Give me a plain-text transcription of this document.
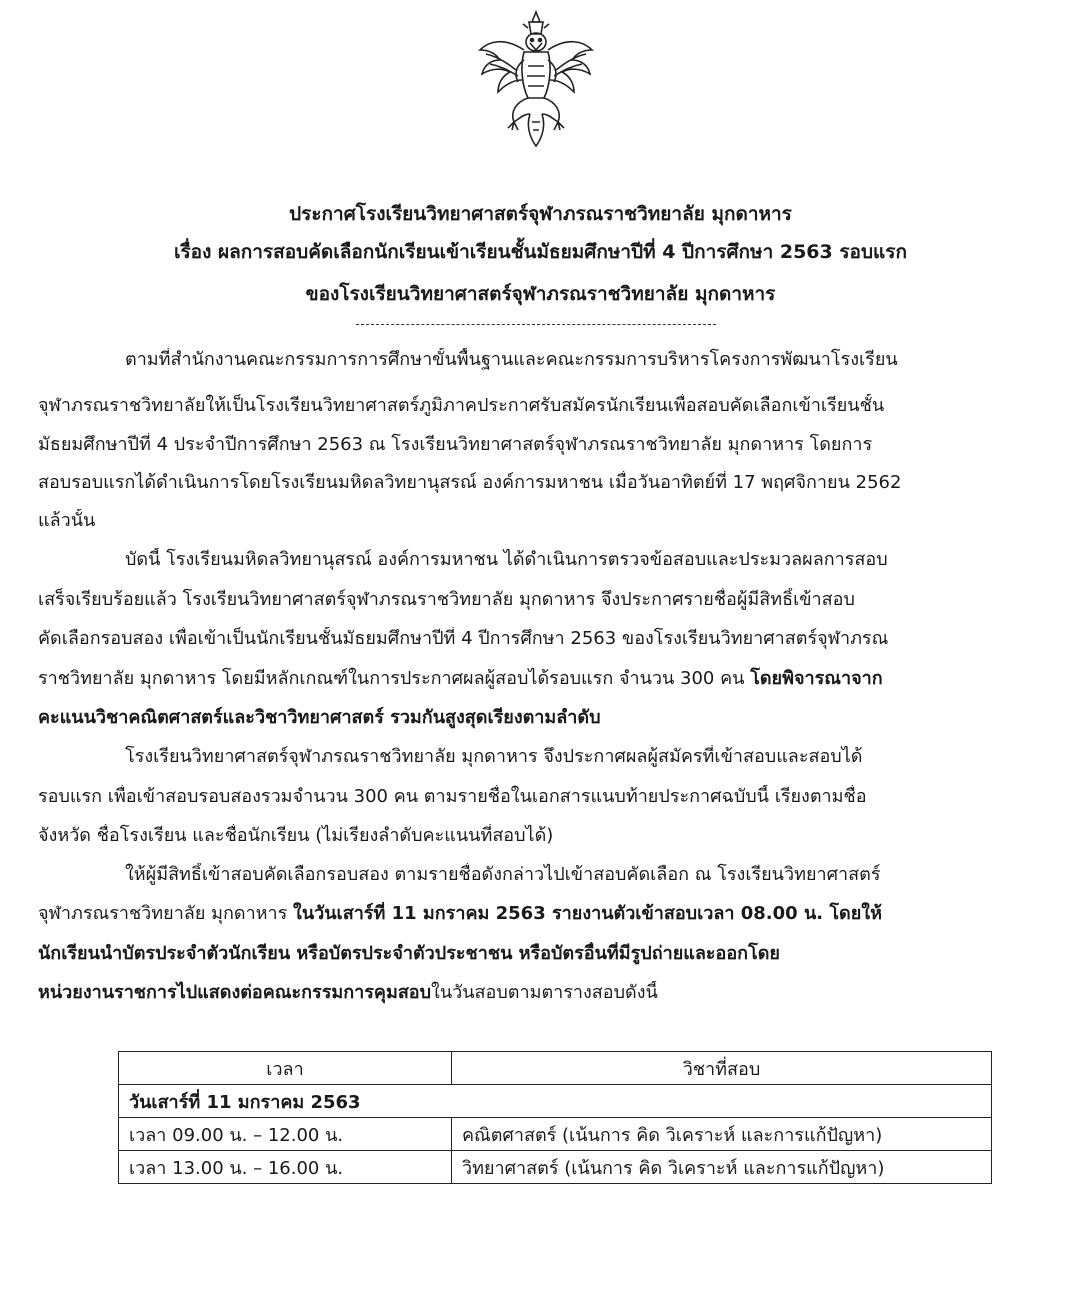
ประกาศโรงเรียนวิทยาศาสตร์จุฬาภรณราชวิทยาลัย มุกดาหาร
เรื่อง ผลการสอบคัดเลือกนักเรียนเข้าเรียนชั้นมัธยมศึกษาปีที่ 4 ปีการศึกษา 2563 รอบแรก
ของโรงเรียนวิทยาศาสตร์จุฬาภรณราชวิทยาลัย มุกดาหาร
ตามที่สำนักงานคณะกรรมการการศึกษาขั้นพื้นฐานและคณะกรรมการบริหารโครงการพัฒนาโรงเรียน
จุฬาภรณราชวิทยาลัยให้เป็นโรงเรียนวิทยาศาสตร์ภูมิภาคประกาศรับสมัครนักเรียนเพื่อสอบคัดเลือกเข้าเรียนชั้น
มัธยมศึกษาปีที่ 4 ประจำปีการศึกษา 2563 ณ โรงเรียนวิทยาศาสตร์จุฬาภรณราชวิทยาลัย มุกดาหาร โดยการ
สอบรอบแรกได้ดำเนินการโดยโรงเรียนมหิดลวิทยานุสรณ์ องค์การมหาชน เมื่อวันอาทิตย์ที่ 17 พฤศจิกายน 2562
แล้วนั้น
บัดนี้ โรงเรียนมหิดลวิทยานุสรณ์ องค์การมหาชน ได้ดำเนินการตรวจข้อสอบและประมวลผลการสอบ
เสร็จเรียบร้อยแล้ว โรงเรียนวิทยาศาสตร์จุฬาภรณราชวิทยาลัย มุกดาหาร จึงประกาศรายชื่อผู้มีสิทธิ์เข้าสอบ
คัดเลือกรอบสอง เพื่อเข้าเป็นนักเรียนชั้นมัธยมศึกษาปีที่ 4 ปีการศึกษา 2563 ของโรงเรียนวิทยาศาสตร์จุฬาภรณ
ราชวิทยาลัย มุกดาหาร โดยมีหลักเกณฑ์ในการประกาศผลผู้สอบได้รอบแรก จำนวน 300 คน โดยพิจารณาจาก
คะแนนวิชาคณิตศาสตร์และวิชาวิทยาศาสตร์ รวมกันสูงสุดเรียงตามลำดับ
โรงเรียนวิทยาศาสตร์จุฬาภรณราชวิทยาลัย มุกดาหาร จึงประกาศผลผู้สมัครที่เข้าสอบและสอบได้
รอบแรก เพื่อเข้าสอบรอบสองรวมจำนวน 300 คน ตามรายชื่อในเอกสารแนบท้ายประกาศฉบับนี้ เรียงตามชื่อ
จังหวัด ชื่อโรงเรียน และชื่อนักเรียน (ไม่เรียงลำดับคะแนนที่สอบได้)
ให้ผู้มีสิทธิ์เข้าสอบคัดเลือกรอบสอง ตามรายชื่อดังกล่าวไปเข้าสอบคัดเลือก ณ โรงเรียนวิทยาศาสตร์
จุฬาภรณราชวิทยาลัย มุกดาหาร ในวันเสาร์ที่ 11 มกราคม 2563 รายงานตัวเข้าสอบเวลา 08.00 น. โดยให้
นักเรียนนำบัตรประจำตัวนักเรียน หรือบัตรประจำตัวประชาชน หรือบัตรอื่นที่มีรูปถ่ายและออกโดย
หน่วยงานราชการไปแสดงต่อคณะกรรมการคุมสอบในวันสอบตามตารางสอบดังนี้
เวลา	วิชาที่สอบ
วันเสาร์ที่ 11 มกราคม 2563	
เวลา 09.00 น. – 12.00 น.	คณิตศาสตร์ (เน้นการ คิด วิเคราะห์ และการแก้ปัญหา)
เวลา 13.00 น. – 16.00 น.	วิทยาศาสตร์ (เน้นการ คิด วิเคราะห์ และการแก้ปัญหา)
